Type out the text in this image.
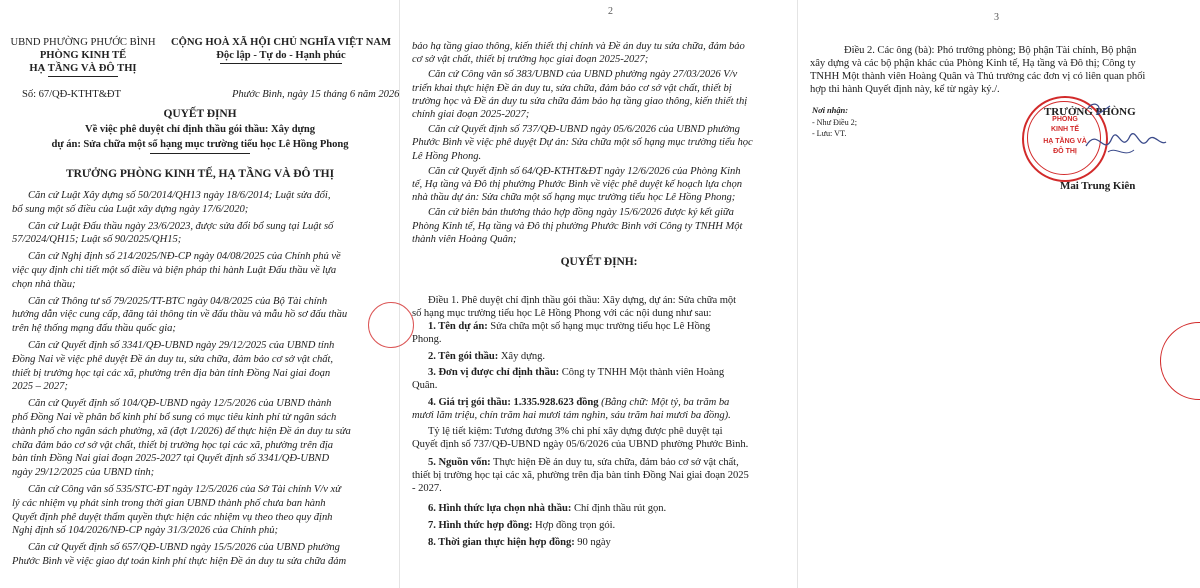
UBND PHƯỜNG PHƯỚC BÌNH
PHÒNG KINH TẾ
HẠ TẦNG VÀ ĐÔ THỊ
CỘNG HOÀ XÃ HỘI CHỦ NGHĨA VIỆT NAM
Độc lập - Tự do - Hạnh phúc
Số: 67/QĐ-KTHT&ĐT	Phước Bình, ngày 15 tháng 6 năm 2026
QUYẾT ĐỊNH
Về việc phê duyệt chỉ định thầu gói thầu: Xây dựng
dự án: Sửa chữa một số hạng mục trường tiểu học Lê Hồng Phong
TRƯỞNG PHÒNG KINH TẾ, HẠ TẦNG VÀ ĐÔ THỊ
Căn cứ Luật Xây dựng số 50/2014/QH13 ngày 18/6/2014; Luật sửa đổi,
bổ sung một số điều của Luật xây dựng ngày 17/6/2020;
Căn cứ Luật Đấu thầu ngày 23/6/2023, được sửa đổi bổ sung tại Luật số
57/2024/QH15; Luật số 90/2025/QH15;
Căn cứ Nghị định số 214/2025/NĐ-CP ngày 04/08/2025 của Chính phủ về
việc quy định chi tiết một số điều và biện pháp thi hành Luật Đấu thầu về lựa
chọn nhà thầu;
Căn cứ Thông tư số 79/2025/TT-BTC ngày 04/8/2025 của Bộ Tài chính
hướng dẫn việc cung cấp, đăng tải thông tin về đấu thầu và mẫu hồ sơ đấu thầu
trên hệ thống mạng đấu thầu quốc gia;
Căn cứ Quyết định số 3341/QĐ-UBND ngày 29/12/2025 của UBND tỉnh
Đồng Nai về việc phê duyệt Đề án duy tu, sửa chữa, đảm bảo cơ sở vật chất,
thiết bị trường học tại các xã, phường trên địa bàn tỉnh Đồng Nai giai đoạn
2025 – 2027;
Căn cứ Quyết định số 104/QĐ-UBND ngày 12/5/2026 của UBND thành
phố Đồng Nai về phân bổ kinh phí bổ sung có mục tiêu kinh phí từ ngân sách
thành phố cho ngân sách phường, xã (đợt 1/2026) để thực hiện Đề án duy tu sửa
chữa đảm bảo cơ sở vật chất, thiết bị trường học tại các xã, phường trên địa
bàn tỉnh Đồng Nai giai đoạn 2025-2027 tại Quyết định số 3341/QĐ-UBND
ngày 29/12/2025 của UBND tỉnh;
Căn cứ Công văn số 535/STC-ĐT ngày 12/5/2026 của Sở Tài chính V/v xử
lý các nhiệm vụ phát sinh trong thời gian UBND thành phố chưa ban hành
Quyết định phê duyệt thẩm quyền thực hiện các nhiệm vụ theo theo quy định
Nghị định số 104/2026/NĐ-CP ngày 31/3/2026 của Chính phủ;
Căn cứ Quyết định số 657/QĐ-UBND ngày 15/5/2026 của UBND phường
Phước Bình về việc giao dự toán kinh phí thực hiện Đề án duy tu sửa chữa đảm
2
bảo hạ tầng giao thông, kiến thiết thị chính và Đề án duy tu sửa chữa, đảm bảo
cơ sở vật chất, thiết bị trường học giai đoạn 2025-2027;
Căn cứ Công văn số 383/UBND của UBND phường ngày 27/03/2026 V/v
triển khai thực hiện Đề án duy tu, sửa chữa, đảm bảo cơ sở vật chất, thiết bị
trường học và Đề án duy tu sửa chữa đảm bảo hạ tầng giao thông, kiến thiết thị
chính giai đoạn 2025-2027;
Căn cứ Quyết định số 737/QĐ-UBND ngày 05/6/2026 của UBND phường
Phước Bình về việc phê duyệt Dự án: Sửa chữa một số hạng mục trường tiểu học
Lê Hồng Phong.
Căn cứ Quyết định số 64/QĐ-KTHT&ĐT ngày 12/6/2026 của Phòng Kinh
tế, Hạ tầng và Đô thị phường Phước Bình về việc phê duyệt kế hoạch lựa chọn
nhà thầu dự án: Sửa chữa một số hạng mục trường tiểu học Lê Hồng Phong;
Căn cứ biên bản thương thảo hợp đồng ngày 15/6/2026 được ký kết giữa
Phòng Kinh tế, Hạ tầng và Đô thị phường Phước Bình với Công ty TNHH Một
thành viên Hoàng Quân;
QUYẾT ĐỊNH:
Điều 1. Phê duyệt chỉ định thầu gói thầu: Xây dựng, dự án: Sửa chữa một
số hạng mục trường tiểu học Lê Hồng Phong với các nội dung như sau:
1. Tên dự án: Sửa chữa một số hạng mục trường tiểu học Lê Hồng
Phong.
2. Tên gói thầu: Xây dựng.
3. Đơn vị được chỉ định thầu: Công ty TNHH Một thành viên Hoàng
Quân.
4. Giá trị gói thầu: 1.335.928.623 đồng (Bằng chữ: Một tỷ, ba trăm ba
mươi lăm triệu, chín trăm hai mươi tám nghìn, sáu trăm hai mươi ba đồng).
Tỷ lệ tiết kiệm: Tương đương 3% chi phí xây dựng được phê duyệt tại
Quyết định số 737/QĐ-UBND ngày 05/6/2026 của UBND phường Phước Bình.
5. Nguồn vốn: Thực hiện Đề án duy tu, sửa chữa, đảm bảo cơ sở vật chất,
thiết bị trường học tại các xã, phường trên địa bàn tỉnh Đồng Nai giai đoạn 2025
- 2027.
6. Hình thức lựa chọn nhà thầu: Chỉ định thầu rút gọn.
7. Hình thức hợp đồng: Hợp đồng trọn gói.
8. Thời gian thực hiện hợp đồng: 90 ngày
3
Điều 2. Các ông (bà): Phó trưởng phòng; Bộ phận Tài chính, Bộ phận
xây dựng và các bộ phận khác của Phòng Kinh tế, Hạ tầng và Đô thị; Công ty
TNHH Một thành viên Hoàng Quân và Thủ trưởng các đơn vị có liên quan phối
hợp thi hành Quyết định này, kể từ ngày ký./.
Nơi nhận:
- Như Điều 2;
- Lưu: VT.
PHÒNG
KINH TẾ
HẠ TẦNG VÀ
ĐÔ THỊ
TRƯỞNG PHÒNG
Mai Trung Kiên
